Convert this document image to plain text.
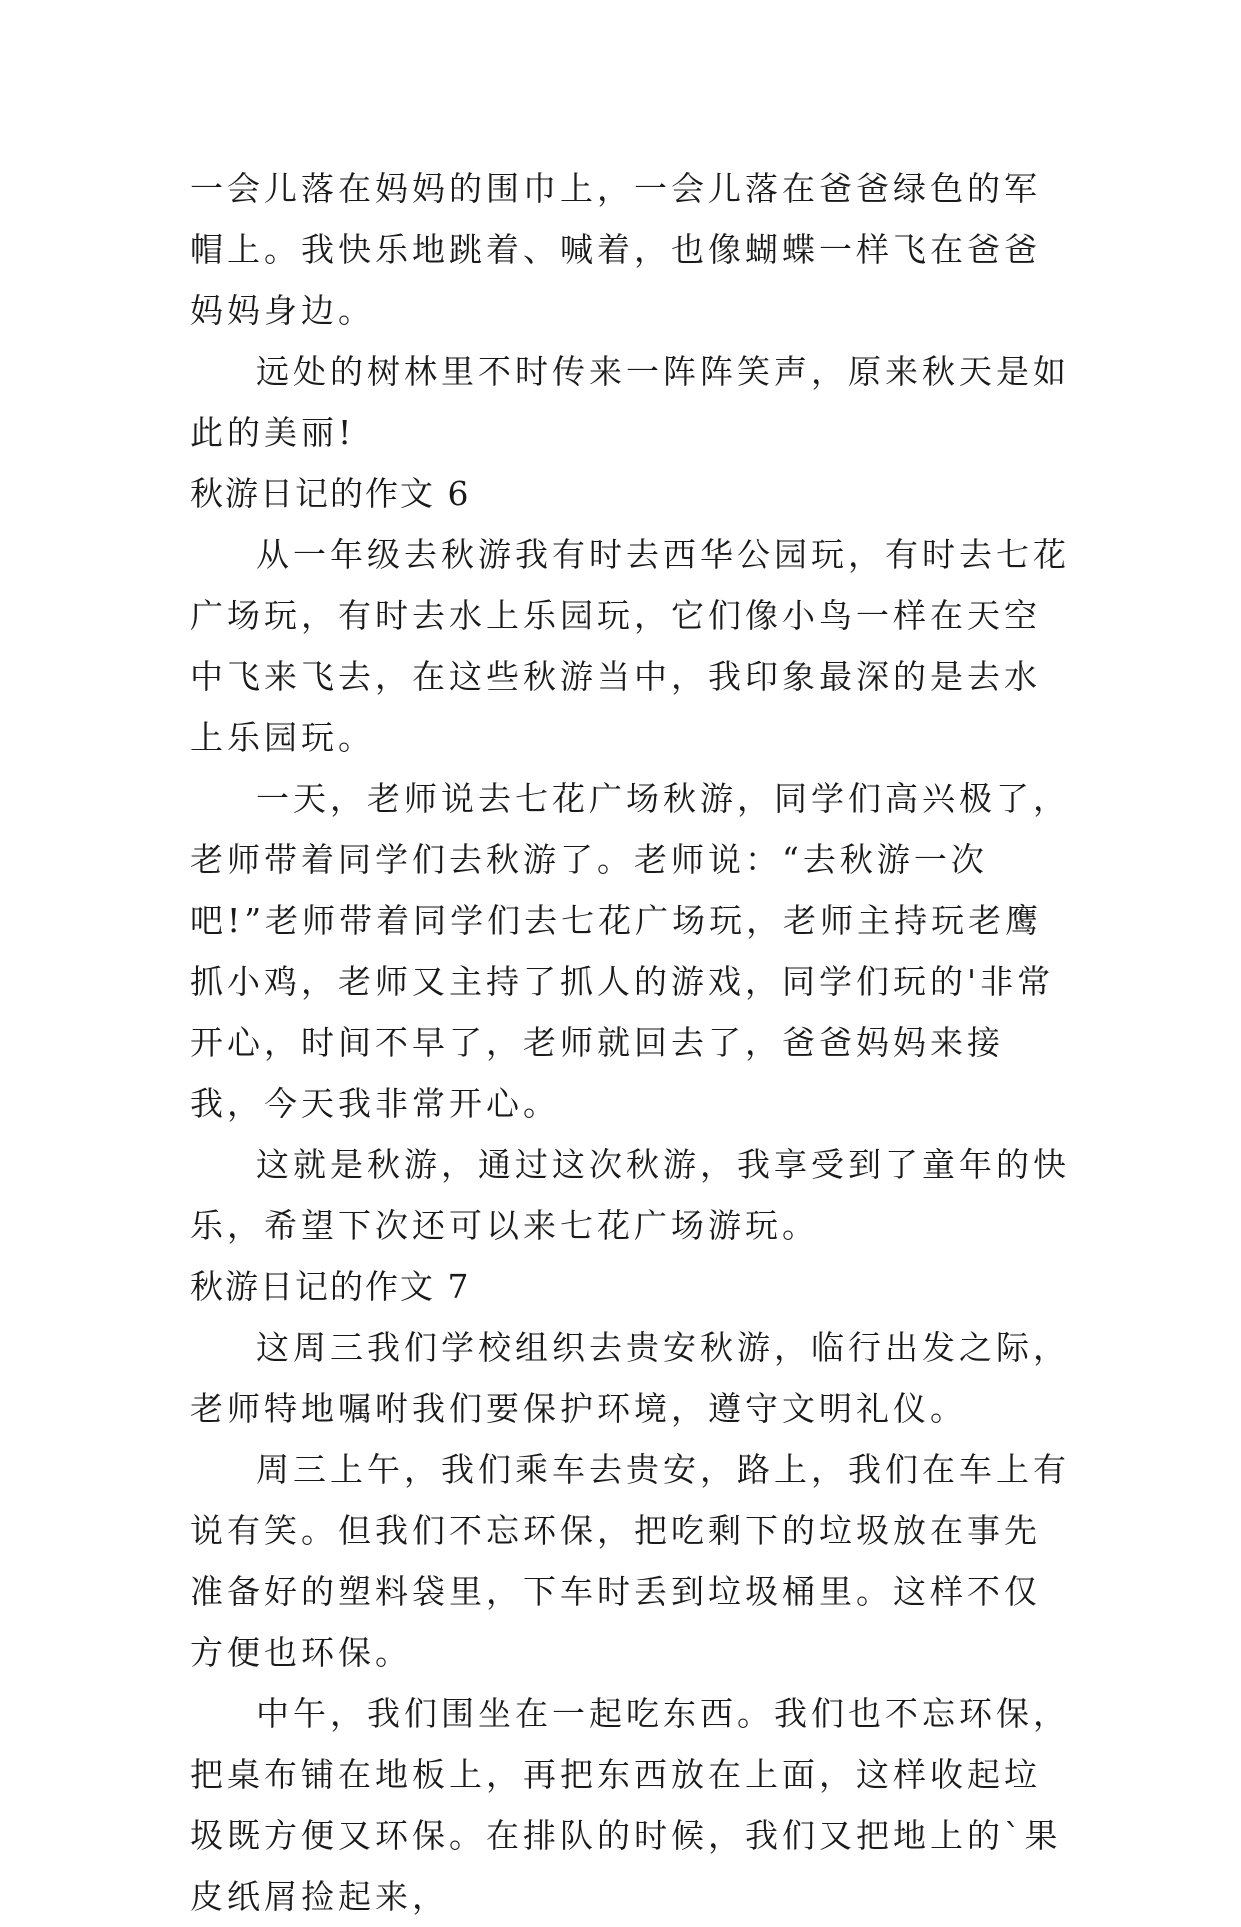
一会儿落在妈妈的围巾上，一会儿落在爸爸绿色的军帽上。我快乐地跳着、喊着，也像蝴蝶一样飞在爸爸妈妈身边。

远处的树林里不时传来一阵阵笑声，原来秋天是如此的美丽!

秋游日记的作文 6

从一年级去秋游我有时去西华公园玩，有时去七花广场玩，有时去水上乐园玩，它们像小鸟一样在天空中飞来飞去，在这些秋游当中，我印象最深的是去水上乐园玩。

一天，老师说去七花广场秋游，同学们高兴极了，老师带着同学们去秋游了。老师说：“去秋游一次吧!”老师带着同学们去七花广场玩，老师主持玩老鹰抓小鸡，老师又主持了抓人的游戏，同学们玩的'非常开心，时间不早了，老师就回去了，爸爸妈妈来接我，今天我非常开心。

这就是秋游，通过这次秋游，我享受到了童年的快乐，希望下次还可以来七花广场游玩。

秋游日记的作文 7

这周三我们学校组织去贵安秋游，临行出发之际，老师特地嘱咐我们要保护环境，遵守文明礼仪。

周三上午，我们乘车去贵安，路上，我们在车上有说有笑。但我们不忘环保，把吃剩下的垃圾放在事先准备好的塑料袋里，下车时丢到垃圾桶里。这样不仅方便也环保。

中午，我们围坐在一起吃东西。我们也不忘环保，把桌布铺在地板上，再把东西放在上面，这样收起垃圾既方便又环保。在排队的时候，我们又把地上的`果皮纸屑捡起来，
